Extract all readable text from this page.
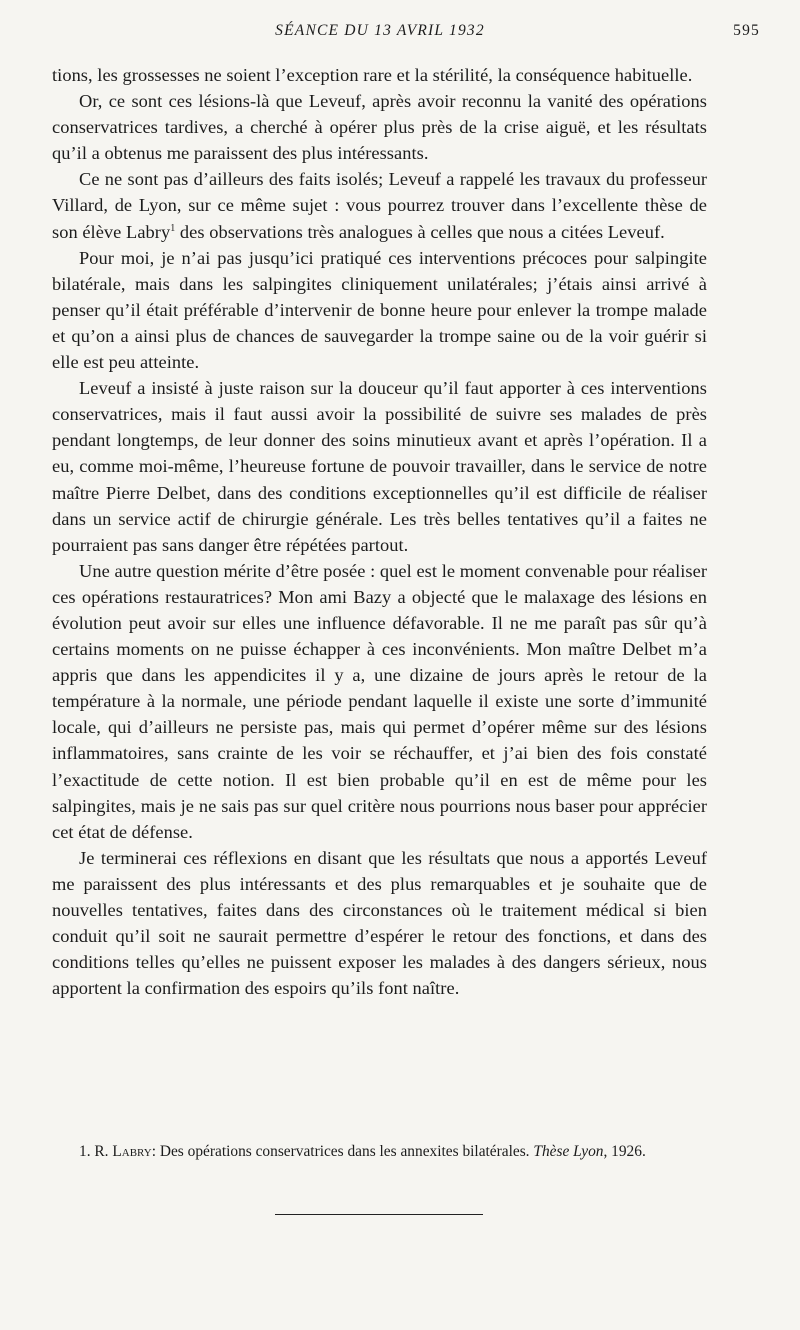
SÉANCE DU 13 AVRIL 1932	595

tions, les grossesses ne soient l’exception rare et la stérilité, la conséquence habituelle.

Or, ce sont ces lésions-là que Leveuf, après avoir reconnu la vanité des opérations conservatrices tardives, a cherché à opérer plus près de la crise aiguë, et les résultats qu’il a obtenus me paraissent des plus intéressants.

Ce ne sont pas d’ailleurs des faits isolés; Leveuf a rappelé les travaux du professeur Villard, de Lyon, sur ce même sujet : vous pourrez trouver dans l’excellente thèse de son élève Labry$^1$ des observations très analogues à celles que nous a citées Leveuf.

Pour moi, je n’ai pas jusqu’ici pratiqué ces interventions précoces pour salpingite bilatérale, mais dans les salpingites cliniquement unilatérales; j’étais ainsi arrivé à penser qu’il était préférable d’intervenir de bonne heure pour enlever la trompe malade et qu’on a ainsi plus de chances de sauvegarder la trompe saine ou de la voir guérir si elle est peu atteinte.

Leveuf a insisté à juste raison sur la douceur qu’il faut apporter à ces interventions conservatrices, mais il faut aussi avoir la possibilité de suivre ses malades de près pendant longtemps, de leur donner des soins minutieux avant et après l’opération. Il a eu, comme moi-même, l’heureuse fortune de pouvoir travailler, dans le service de notre maître Pierre Delbet, dans des conditions exceptionnelles qu’il est difficile de réaliser dans un service actif de chirurgie générale. Les très belles tentatives qu’il a faites ne pourraient pas sans danger être répétées partout.

Une autre question mérite d’être posée : quel est le moment convenable pour réaliser ces opérations restauratrices? Mon ami Bazy a objecté que le malaxage des lésions en évolution peut avoir sur elles une influence défavorable. Il ne me paraît pas sûr qu’à certains moments on ne puisse échapper à ces inconvénients. Mon maître Delbet m’a appris que dans les appendicites il y a, une dizaine de jours après le retour de la température à la normale, une période pendant laquelle il existe une sorte d’immunité locale, qui d’ailleurs ne persiste pas, mais qui permet d’opérer même sur des lésions inflammatoires, sans crainte de les voir se réchauffer, et j’ai bien des fois constaté l’exactitude de cette notion. Il est bien probable qu’il en est de même pour les salpingites, mais je ne sais pas sur quel critère nous pourrions nous baser pour apprécier cet état de défense.

Je terminerai ces réflexions en disant que les résultats que nous a apportés Leveuf me paraissent des plus intéressants et des plus remarquables et je souhaite que de nouvelles tentatives, faites dans des circonstances où le traitement médical si bien conduit qu’il soit ne saurait permettre d’espérer le retour des fonctions, et dans des conditions telles qu’elles ne puissent exposer les malades à des dangers sérieux, nous apportent la confirmation des espoirs qu’ils font naître.

1. R. Labry: Des opérations conservatrices dans les annexites bilatérales. Thèse Lyon, 1926.
